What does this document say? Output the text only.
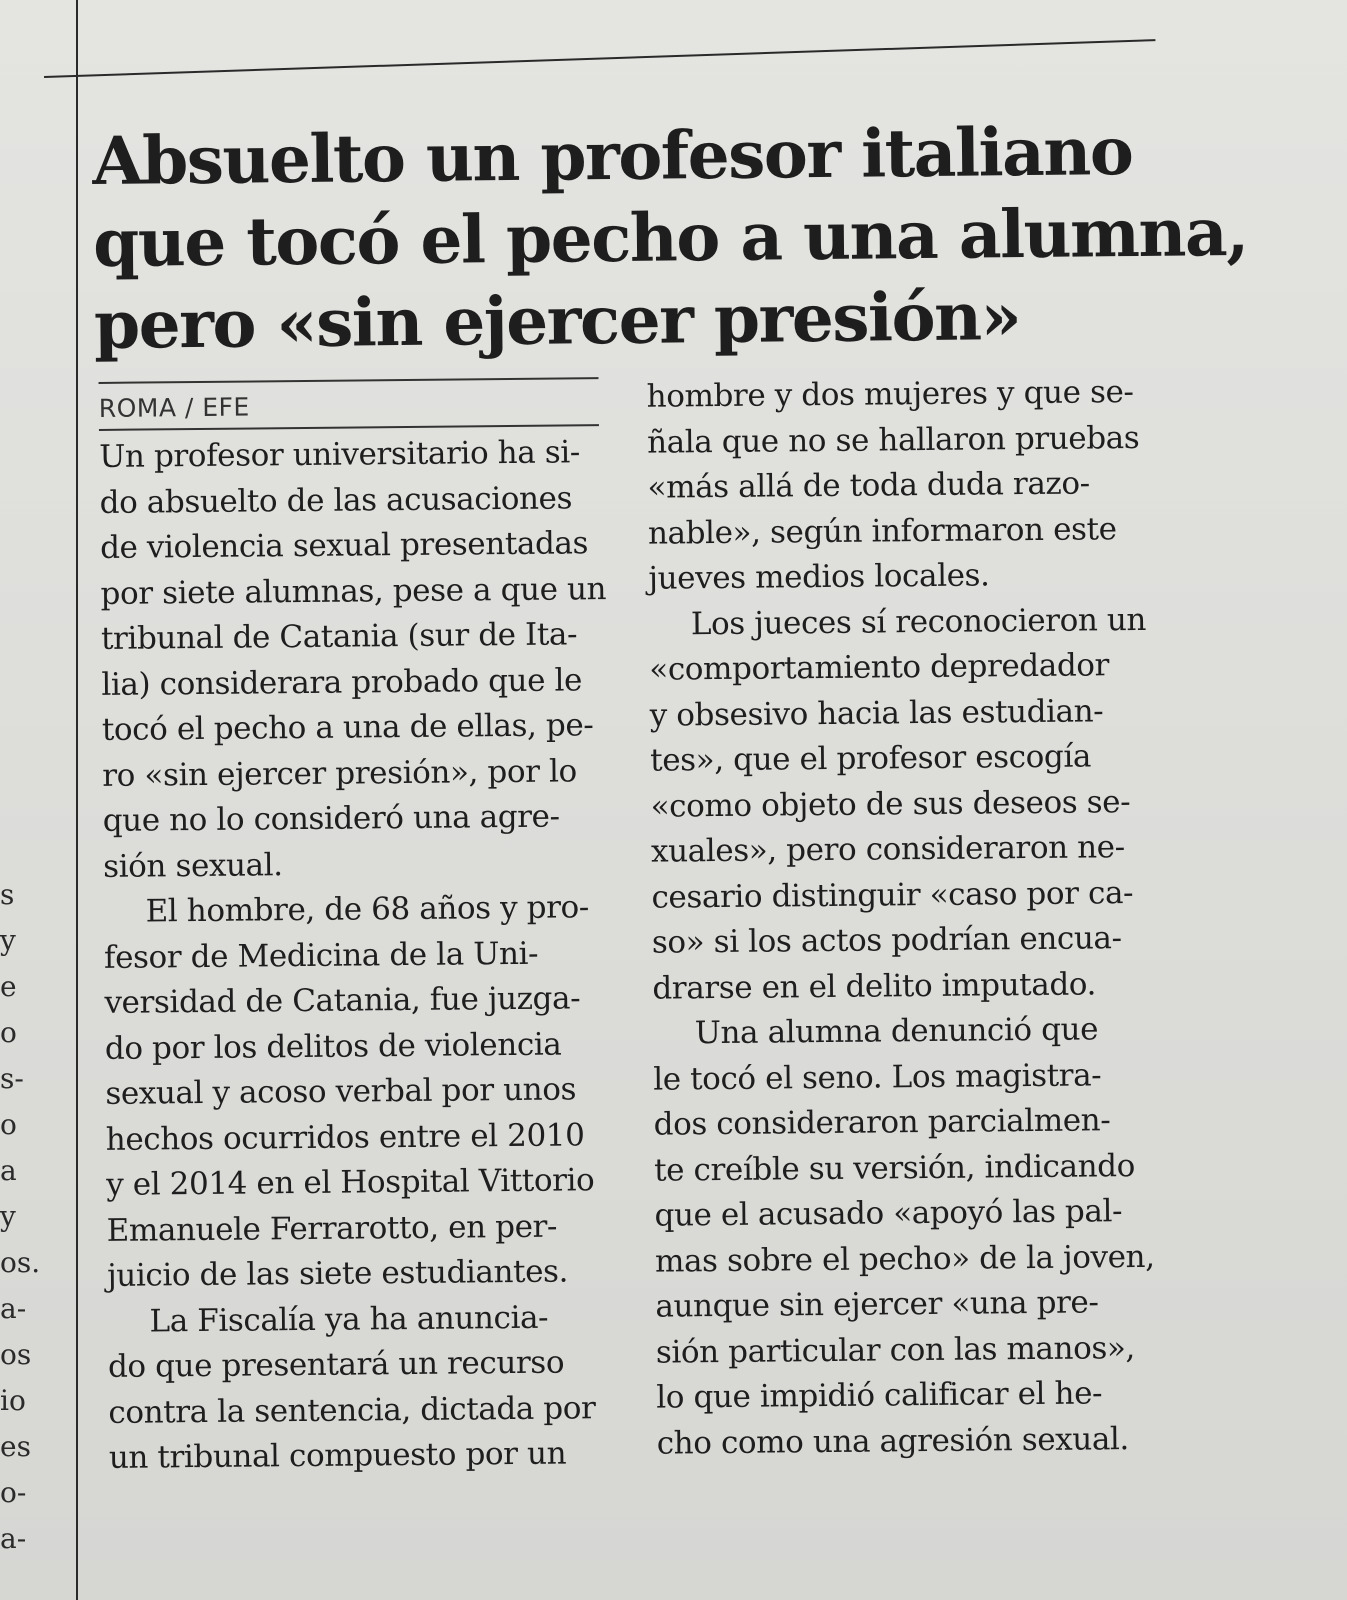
s
y
e
o
s-
o
a
y
os.
a-
os
io
es
o-
a-
Absuelto un profesor italiano
que tocó el pecho a una alumna,
pero «sin ejercer presión»
ROMA / EFE
Un profesor universitario ha si-
do absuelto de las acusaciones
de violencia sexual presentadas
por siete alumnas, pese a que un
tribunal de Catania (sur de Ita-
lia) considerara probado que le
tocó el pecho a una de ellas, pe-
ro «sin ejercer presión», por lo
que no lo consideró una agre-
sión sexual.
El hombre, de 68 años y pro-
fesor de Medicina de la Uni-
versidad de Catania, fue juzga-
do por los delitos de violencia
sexual y acoso verbal por unos
hechos ocurridos entre el 2010
y el 2014 en el Hospital Vittorio
Emanuele Ferrarotto, en per-
juicio de las siete estudiantes.
La Fiscalía ya ha anuncia-
do que presentará un recurso
contra la sentencia, dictada por
un tribunal compuesto por un
hombre y dos mujeres y que se-
ñala que no se hallaron pruebas
«más allá de toda duda razo-
nable», según informaron este
jueves medios locales.
Los jueces sí reconocieron un
«comportamiento depredador
y obsesivo hacia las estudian-
tes», que el profesor escogía
«como objeto de sus deseos se-
xuales», pero consideraron ne-
cesario distinguir «caso por ca-
so» si los actos podrían encua-
drarse en el delito imputado.
Una alumna denunció que
le tocó el seno. Los magistra-
dos consideraron parcialmen-
te creíble su versión, indicando
que el acusado «apoyó las pal-
mas sobre el pecho» de la joven,
aunque sin ejercer «una pre-
sión particular con las manos»,
lo que impidió calificar el he-
cho como una agresión sexual.
